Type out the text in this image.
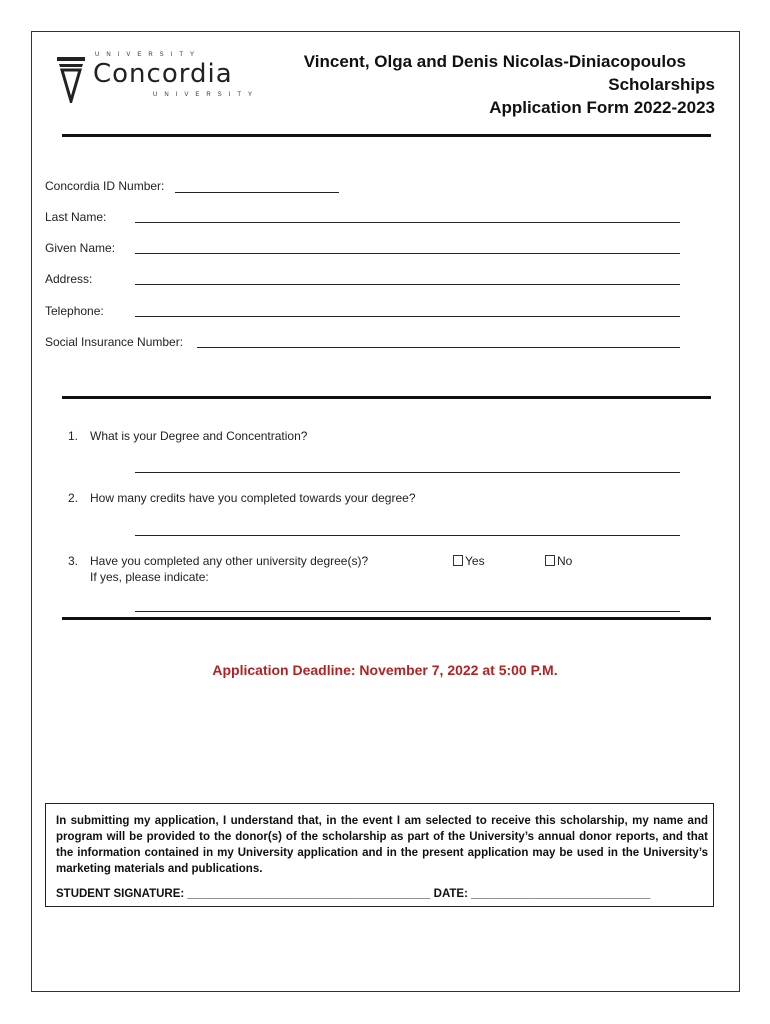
UNIVERSITY
Concordia
UNIVERSITY
Vincent, Olga and Denis Nicolas-Diniacopoulos
Scholarships
Application Form 2022-2023
Concordia ID Number:
Last Name:
Given Name:
Address:
Telephone:
Social Insurance Number:
1. What is your Degree and Concentration?
2. How many credits have you completed towards your degree?
3. Have you completed any other university degree(s)?
If yes, please indicate:
Yes	No
Application Deadline: November 7, 2022 at 5:00 P.M.
In submitting my application, I understand that, in the event I am selected to receive this scholarship, my name and program will be provided to the donor(s) of the scholarship as part of the University’s annual donor reports, and that the information contained in my University application and in the present application may be used in the University’s marketing materials and publications.
STUDENT SIGNATURE: ______________________________________ DATE: ____________________________
